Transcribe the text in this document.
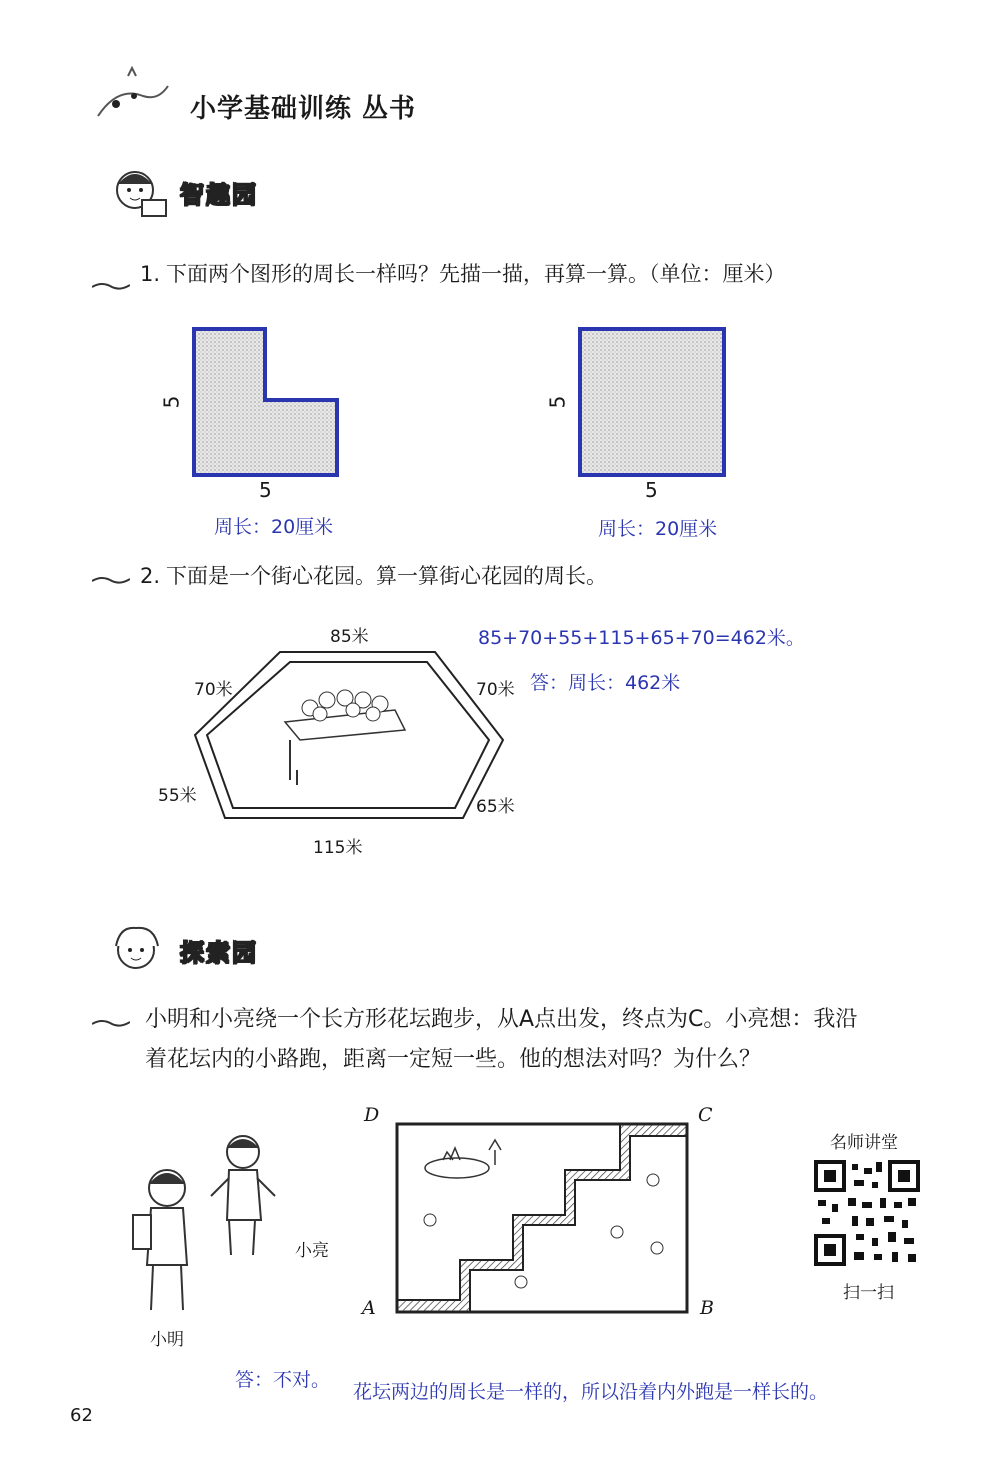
小学基础训练 丛书
智趣园
1. 下面两个图形的周长一样吗？先描一描，再算一算。（单位：厘米）
5
5
周长：20厘米
5
5
周长：20厘米
2. 下面是一个街心花园。算一算街心花园的周长。
85米
70米	70米
55米
65米
115米
85+70+55+115+65+70=462米。
答：周长：462米
探索园
小明和小亮绕一个长方形花坛跑步，从A点出发，终点为C。小亮想：我沿
着花坛内的小路跑，距离一定短一些。他的想法对吗？为什么？
小亮
小明
D	C
A	B
名师讲堂
扫一扫
答：不对。
花坛两边的周长是一样的，所以沿着内外跑是一样长的。
62
